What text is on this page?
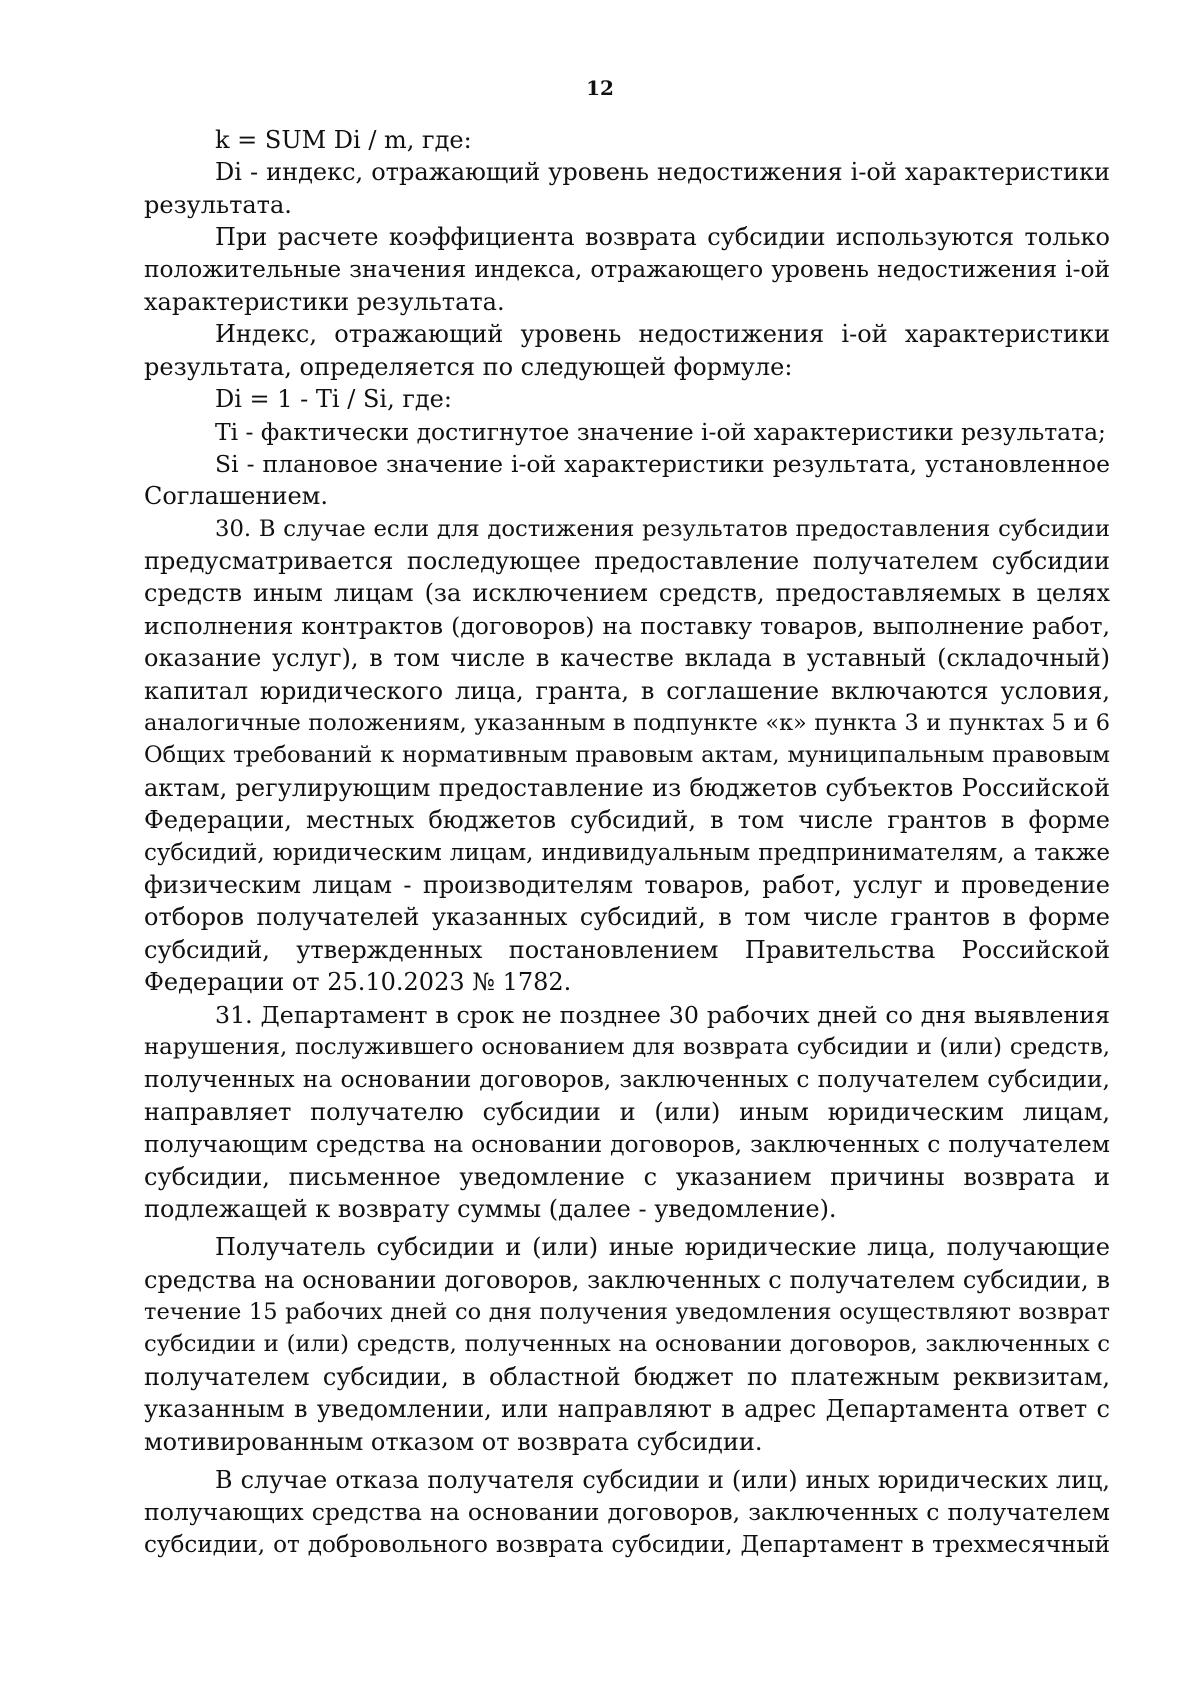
12
k = SUM Di / m, где:
Di - индекс, отражающий уровень недостижения i-ой характеристики
результата.
При расчете коэффициента возврата субсидии используются только
положительные значения индекса, отражающего уровень недостижения i-ой
характеристики результата.
Индекс, отражающий уровень недостижения i-ой характеристики
результата, определяется по следующей формуле:
Di = 1 - Ti / Si, где:
Ti - фактически достигнутое значение i-ой характеристики результата;
Si - плановое значение i-ой характеристики результата, установленное
Соглашением.
30. В случае если для достижения результатов предоставления субсидии
предусматривается последующее предоставление получателем субсидии
средств иным лицам (за исключением средств, предоставляемых в целях
исполнения контрактов (договоров) на поставку товаров, выполнение работ,
оказание услуг), в том числе в качестве вклада в уставный (складочный)
капитал юридического лица, гранта, в соглашение включаются условия,
аналогичные положениям, указанным в подпункте «к» пункта 3 и пунктах 5 и 6
Общих требований к нормативным правовым актам, муниципальным правовым
актам, регулирующим предоставление из бюджетов субъектов Российской
Федерации, местных бюджетов субсидий, в том числе грантов в форме
субсидий, юридическим лицам, индивидуальным предпринимателям, а также
физическим лицам - производителям товаров, работ, услуг и проведение
отборов получателей указанных субсидий, в том числе грантов в форме
субсидий, утвержденных постановлением Правительства Российской
Федерации от 25.10.2023 № 1782.
31. Департамент в срок не позднее 30 рабочих дней со дня выявления
нарушения, послужившего основанием для возврата субсидии и (или) средств,
полученных на основании договоров, заключенных с получателем субсидии,
направляет получателю субсидии и (или) иным юридическим лицам,
получающим средства на основании договоров, заключенных с получателем
субсидии, письменное уведомление с указанием причины возврата и
подлежащей к возврату суммы (далее - уведомление).
Получатель субсидии и (или) иные юридические лица, получающие
средства на основании договоров, заключенных с получателем субсидии, в
течение 15 рабочих дней со дня получения уведомления осуществляют возврат
субсидии и (или) средств, полученных на основании договоров, заключенных с
получателем субсидии, в областной бюджет по платежным реквизитам,
указанным в уведомлении, или направляют в адрес Департамента ответ с
мотивированным отказом от возврата субсидии.
В случае отказа получателя субсидии и (или) иных юридических лиц,
получающих средства на основании договоров, заключенных с получателем
субсидии, от добровольного возврата субсидии, Департамент в трехмесячный
